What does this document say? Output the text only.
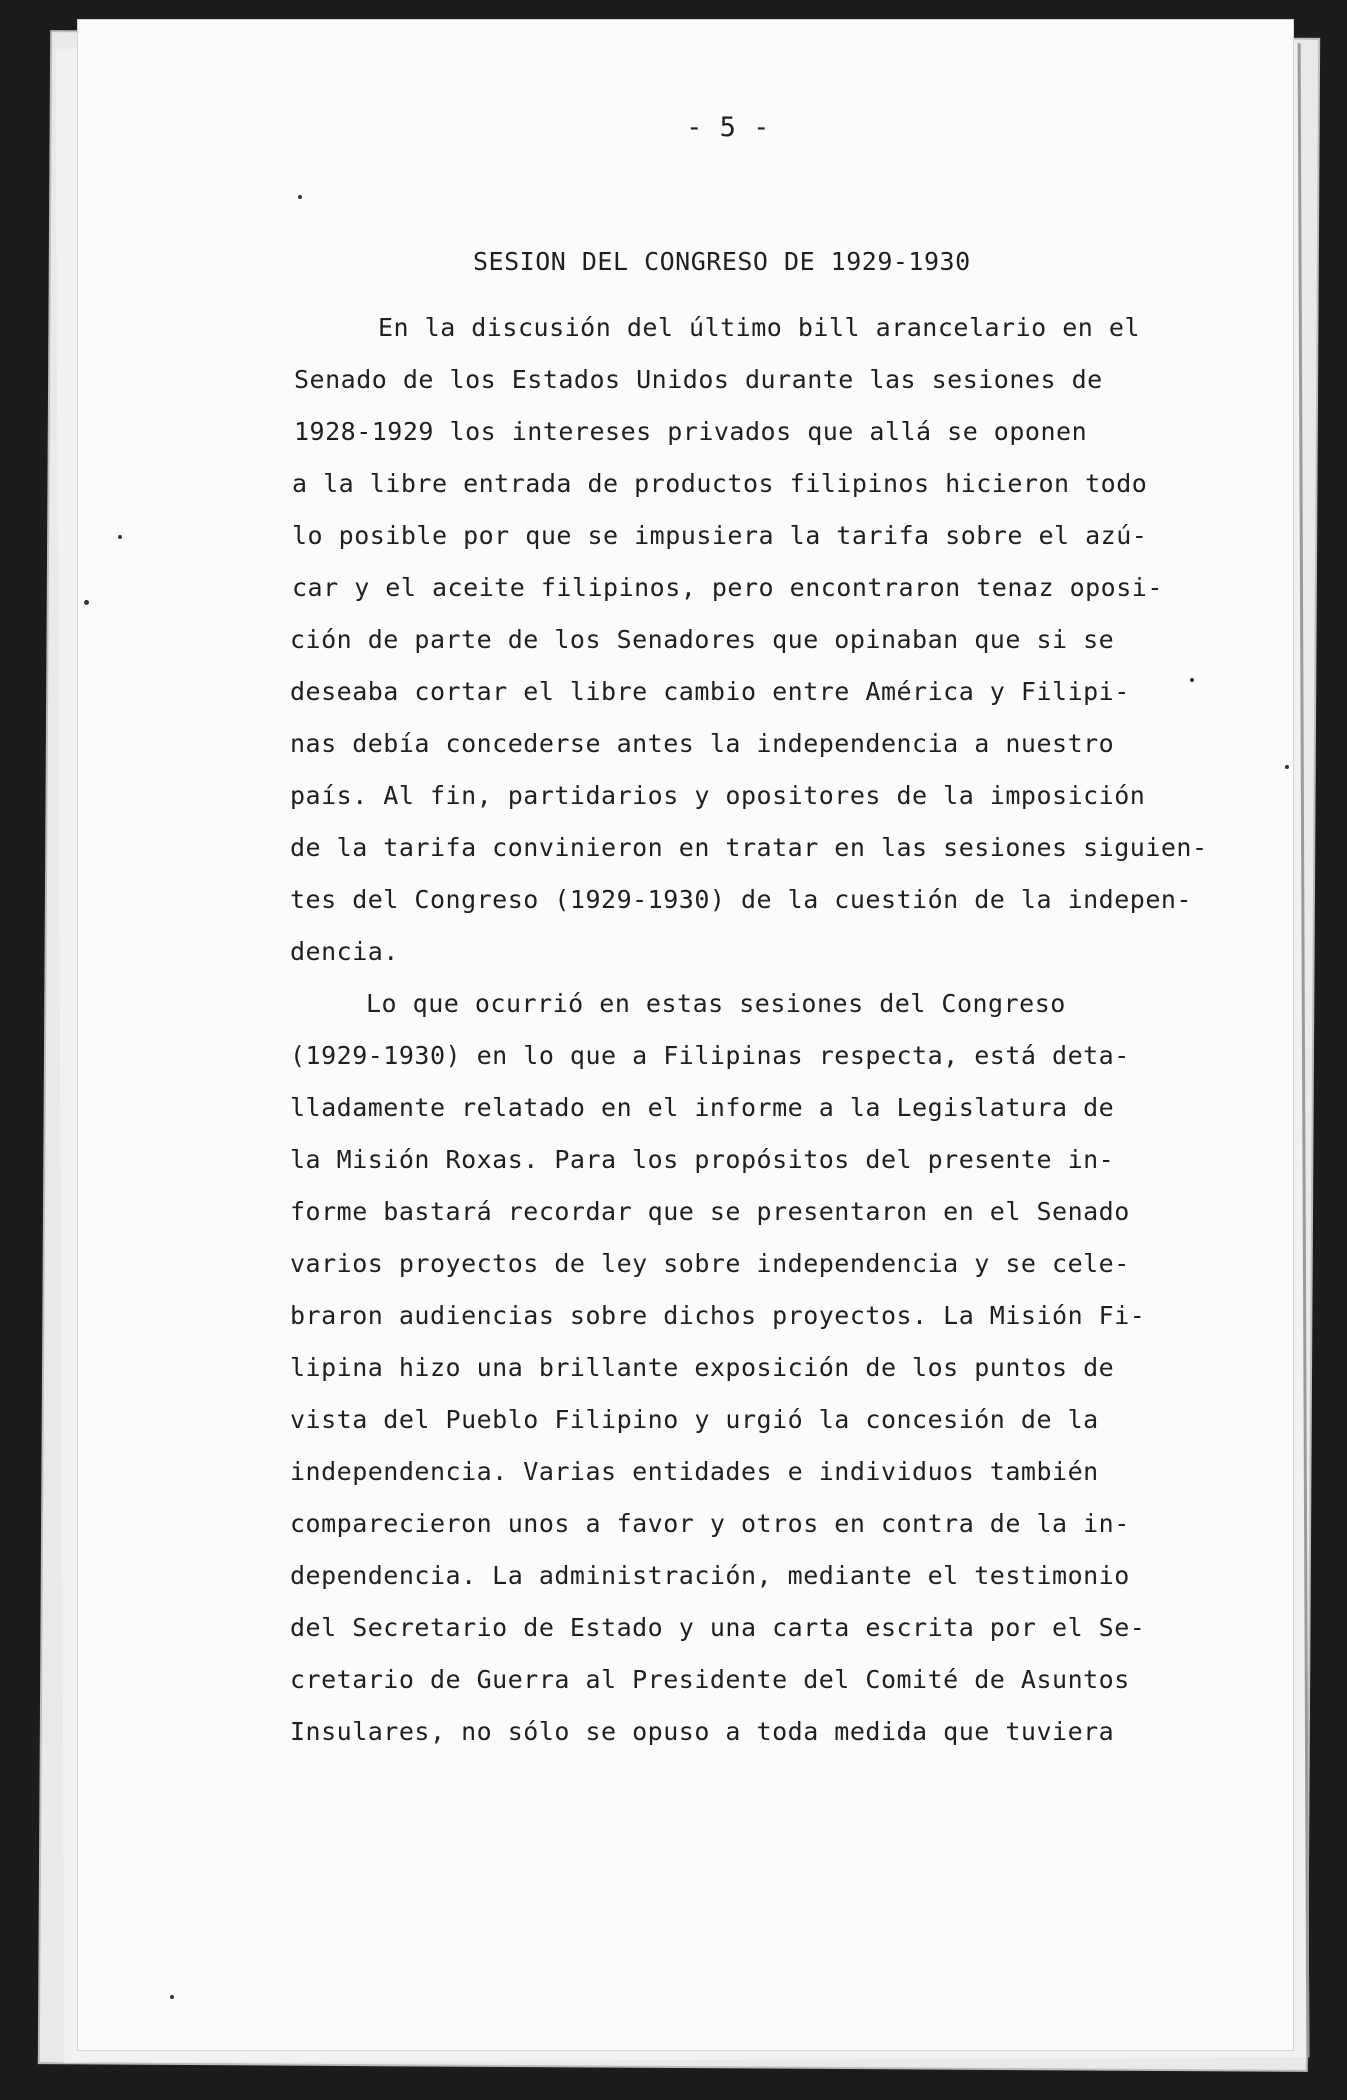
- 5 -
SESION DEL CONGRESO DE 1929-1930
En la discusión del último bill arancelario en el
Senado de los Estados Unidos durante las sesiones de
1928-1929 los intereses privados que allá se oponen
a la libre entrada de productos filipinos hicieron todo
lo posible por que se impusiera la tarifa sobre el azú-
car y el aceite filipinos, pero encontraron tenaz oposi-
ción de parte de los Senadores que opinaban que si se
deseaba cortar el libre cambio entre América y Filipi-
nas debía concederse antes la independencia a nuestro
país. Al fin, partidarios y opositores de la imposición
de la tarifa convinieron en tratar en las sesiones siguien-
tes del Congreso (1929-1930) de la cuestión de la indepen-
dencia.
Lo que ocurrió en estas sesiones del Congreso
(1929-1930) en lo que a Filipinas respecta, está deta-
lladamente relatado en el informe a la Legislatura de
la Misión Roxas. Para los propósitos del presente in-
forme bastará recordar que se presentaron en el Senado
varios proyectos de ley sobre independencia y se cele-
braron audiencias sobre dichos proyectos. La Misión Fi-
lipina hizo una brillante exposición de los puntos de
vista del Pueblo Filipino y urgió la concesión de la
independencia. Varias entidades e individuos también
comparecieron unos a favor y otros en contra de la in-
dependencia. La administración, mediante el testimonio
del Secretario de Estado y una carta escrita por el Se-
cretario de Guerra al Presidente del Comité de Asuntos
Insulares, no sólo se opuso a toda medida que tuviera
